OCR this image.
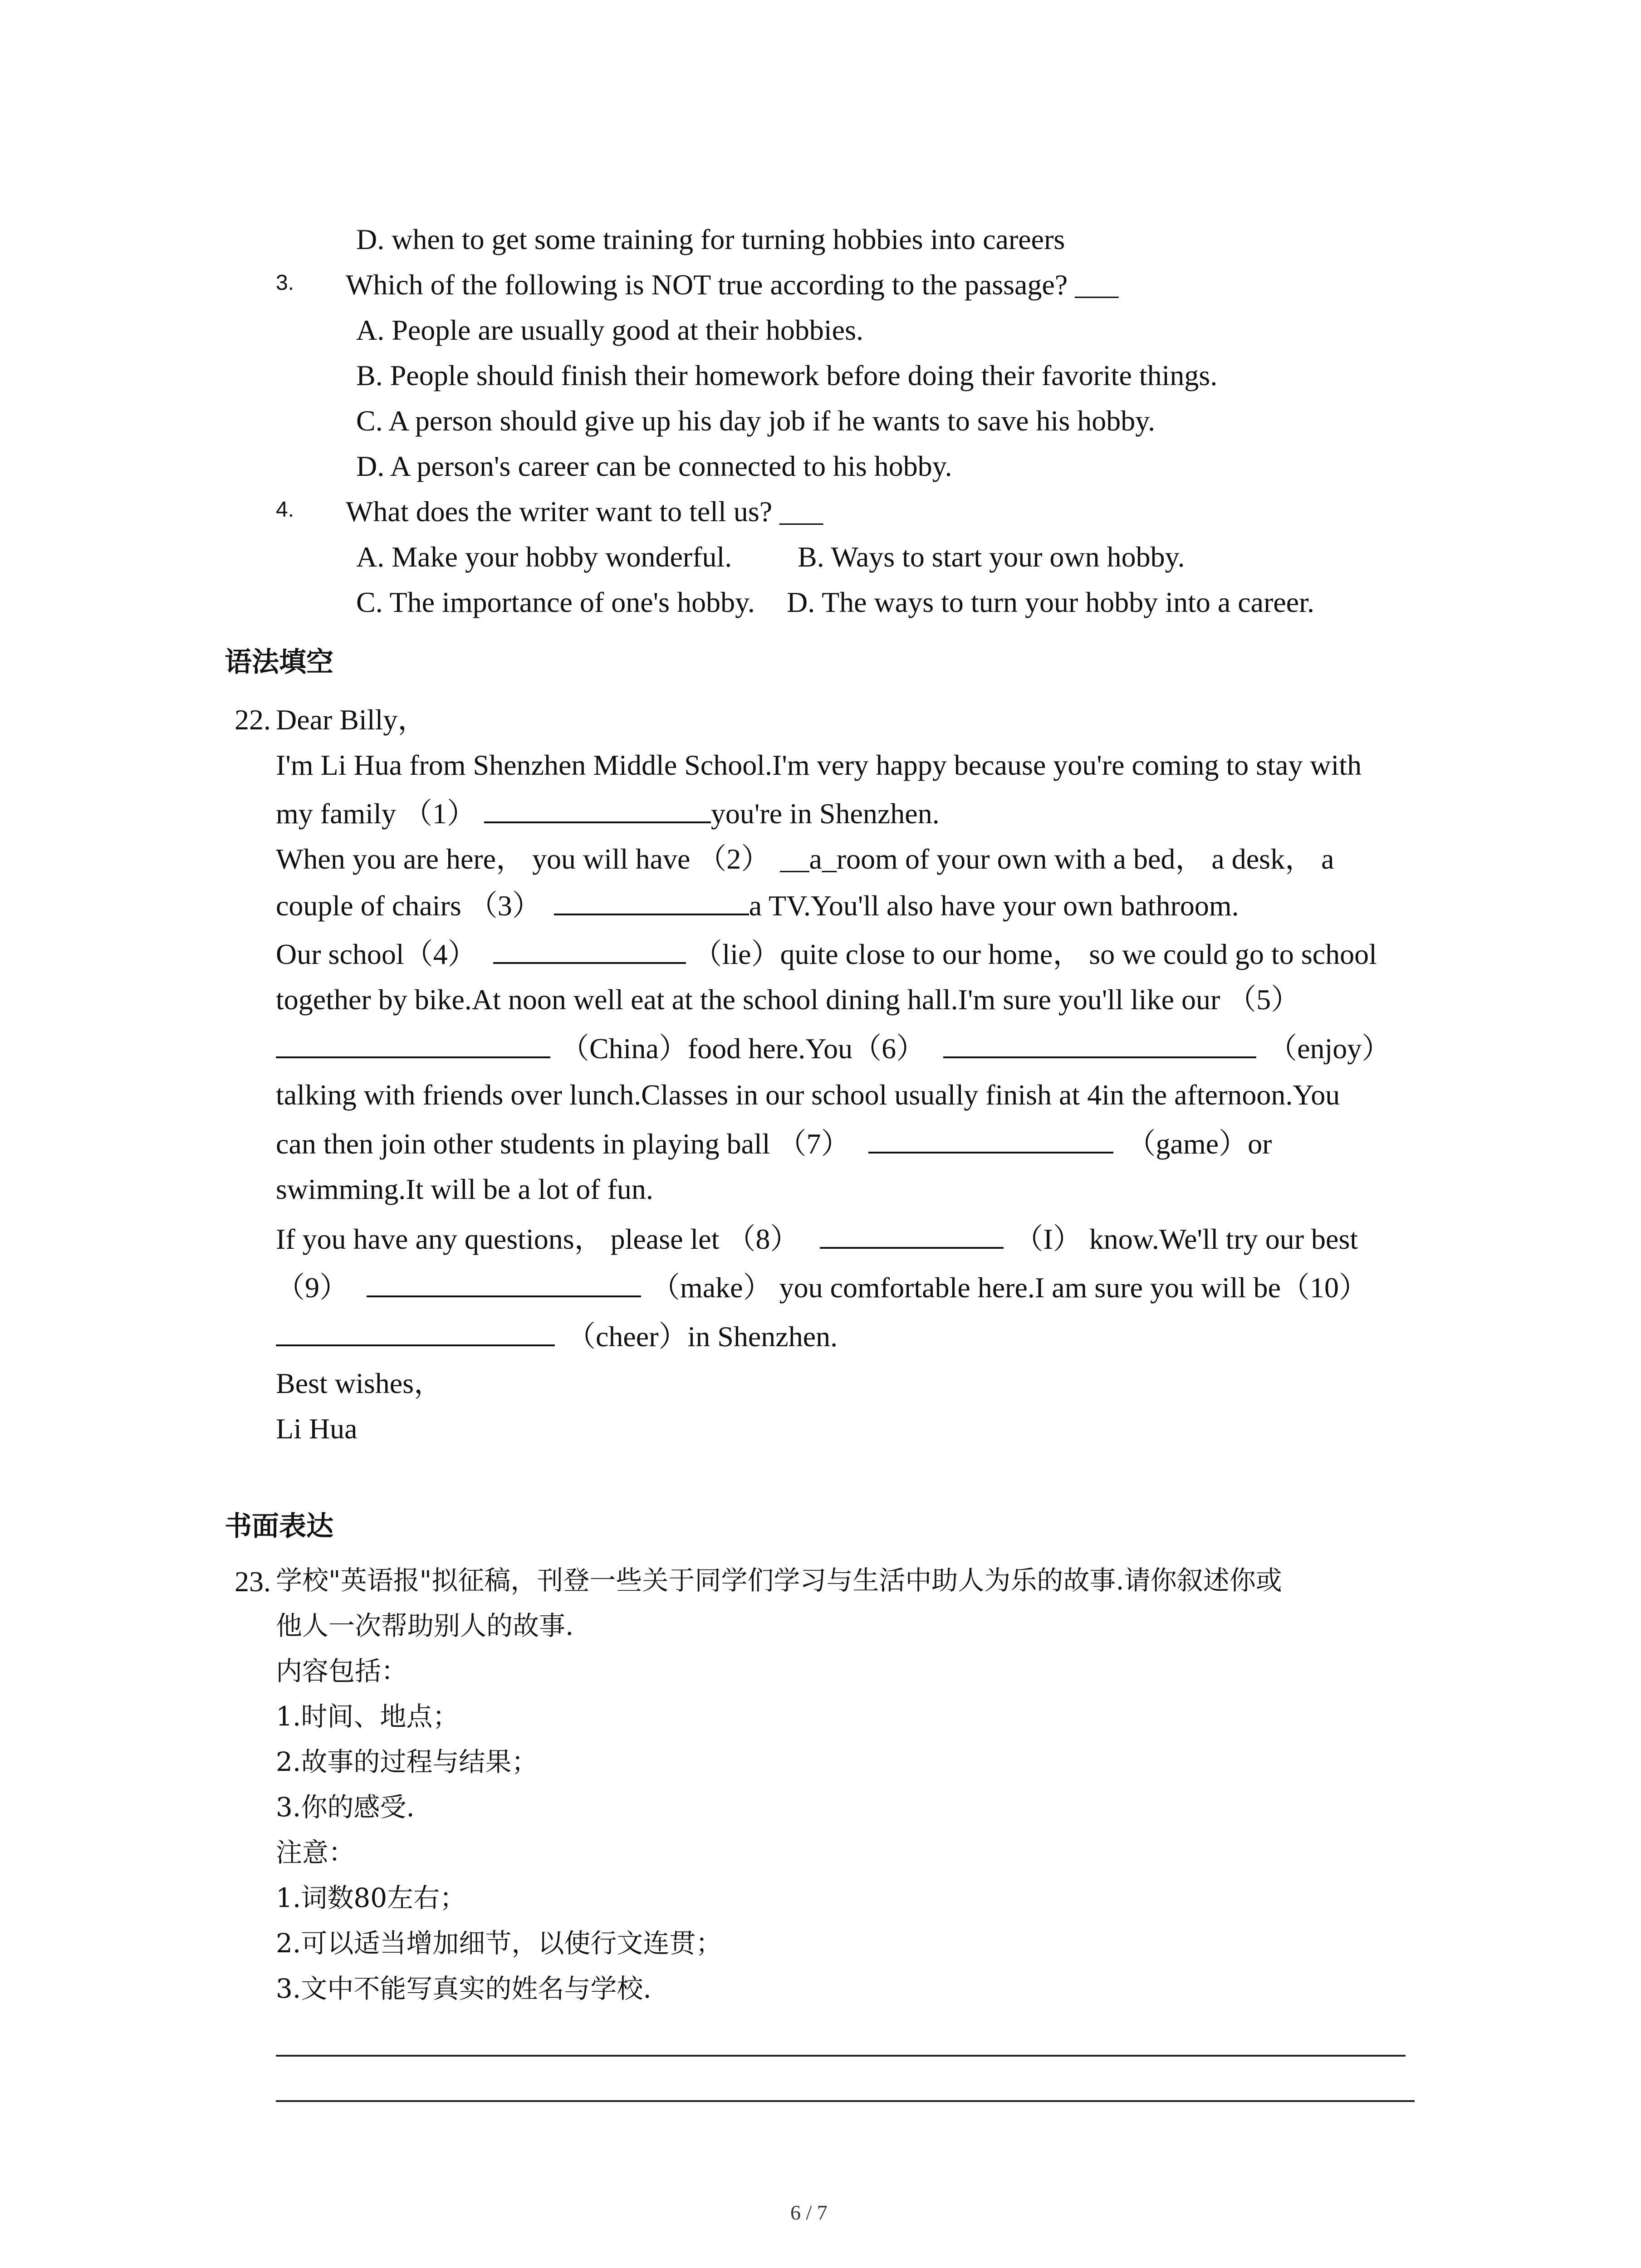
D. when to get some training for turning hobbies into careers
3. Which of the following is NOT true according to the passage? ___
A. People are usually good at their hobbies.
B. People should finish their homework before doing their favorite things.
C. A person should give up his day job if he wants to save his hobby.
D. A person's career can be connected to his hobby.
4. What does the writer want to tell us? ___
A. Make your hobby wonderful. B. Ways to start your own hobby.
C. The importance of one's hobby. D. The ways to turn your hobby into a career.
语法填空
22. Dear Billy，
I'm Li Hua from Shenzhen Middle School.I'm very happy because you're coming to stay with
my family （1）	you're in Shenzhen.
When you are here， you will have （2） __a_room of your own with a bed， a desk， a
couple of chairs （3）	a TV.You'll also have your own bathroom.
Our school（4）	（lie）quite close to our home， so we could go to school
together by bike.At noon well eat at the school dining hall.I'm sure you'll like our （5）
（China）food here.You（6）	（enjoy）
talking with friends over lunch.Classes in our school usually finish at 4in the afternoon.You
can then join other students in playing ball （7）	（game）or
swimming.It will be a lot of fun.
If you have any questions， please let （8）	（I） know.We'll try our best
（9）	（make） you comfortable here.I am sure you will be（10）
（cheer）in Shenzhen.
Best wishes，
Li Hua
书面表达
23. 学校"英语报"拟征稿，刊登一些关于同学们学习与生活中助人为乐的故事.请你叙述你或
他人一次帮助别人的故事.
内容包括：
1.时间、地点；
2.故事的过程与结果；
3.你的感受.
注意：
1.词数80左右；
2.可以适当增加细节，以使行文连贯；
3.文中不能写真实的姓名与学校.
6 / 7
